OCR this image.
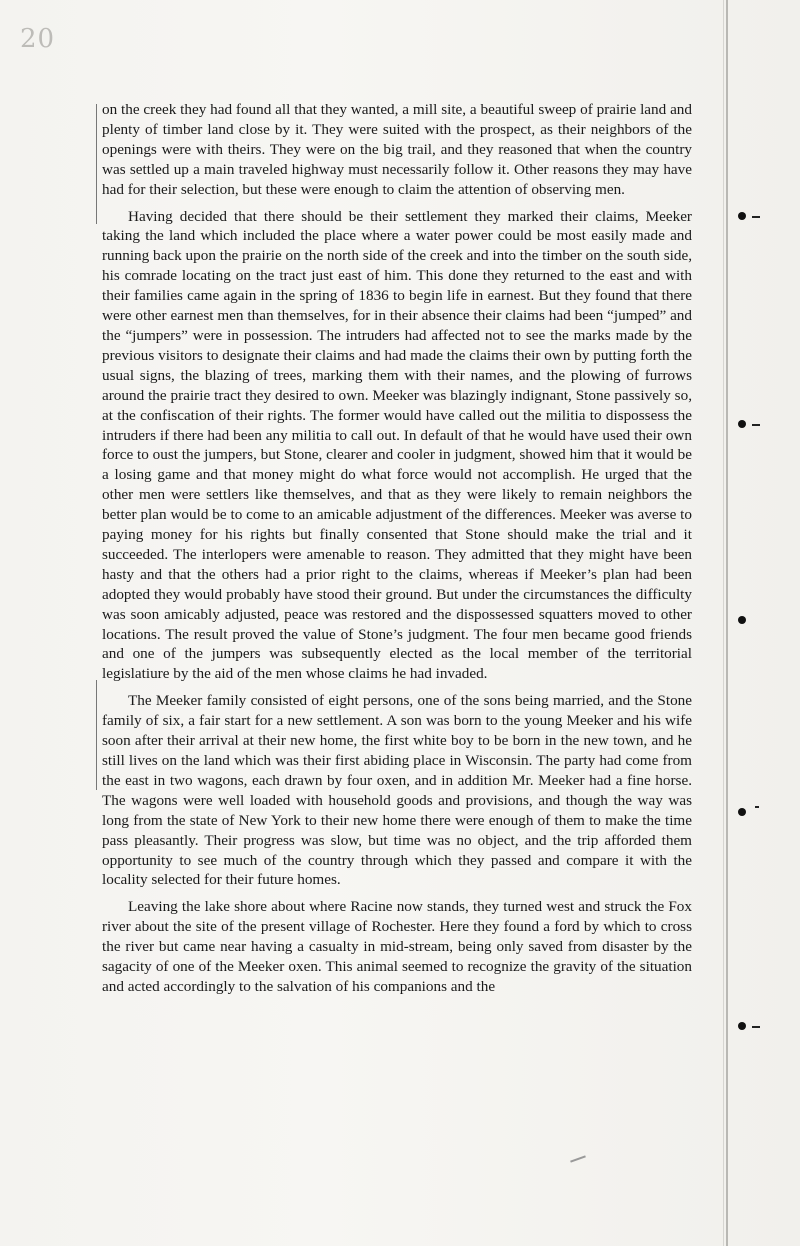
20

on the creek they had found all that they wanted, a mill site, a beautiful sweep of prairie land and plenty of timber land close by it. They were suited with the prospect, as their neighbors of the openings were with theirs. They were on the big trail, and they reasoned that when the country was settled up a main traveled highway must necessarily follow it. Other reasons they may have had for their selection, but these were enough to claim the attention of observing men.

Having decided that there should be their settlement they marked their claims, Meeker taking the land which included the place where a water power could be most easily made and running back upon the prairie on the north side of the creek and into the timber on the south side, his comrade locating on the tract just east of him. This done they returned to the east and with their families came again in the spring of 1836 to begin life in earnest. But they found that there were other earnest men than themselves, for in their absence their claims had been “jumped” and the “jumpers” were in possession. The intruders had affected not to see the marks made by the previous visitors to designate their claims and had made the claims their own by putting forth the usual signs, the blazing of trees, marking them with their names, and the plowing of furrows around the prairie tract they desired to own. Meeker was blazingly indignant, Stone passively so, at the confiscation of their rights. The former would have called out the militia to dispossess the intruders if there had been any militia to call out. In default of that he would have used their own force to oust the jumpers, but Stone, clearer and cooler in judgment, showed him that it would be a losing game and that money might do what force would not accomplish. He urged that the other men were settlers like themselves, and that as they were likely to remain neighbors the better plan would be to come to an amicable adjustment of the differences. Meeker was averse to paying money for his rights but finally consented that Stone should make the trial and it succeeded. The interlopers were amenable to reason. They admitted that they might have been hasty and that the others had a prior right to the claims, whereas if Meeker’s plan had been adopted they would probably have stood their ground. But under the circumstances the difficulty was soon amicably adjusted, peace was restored and the dispossessed squatters moved to other locations. The result proved the value of Stone’s judgment. The four men became good friends and one of the jumpers was subsequently elected as the local member of the territorial legislatiure by the aid of the men whose claims he had invaded.

The Meeker family consisted of eight persons, one of the sons being married, and the Stone family of six, a fair start for a new settlement. A son was born to the young Meeker and his wife soon after their arrival at their new home, the first white boy to be born in the new town, and he still lives on the land which was their first abiding place in Wisconsin. The party had come from the east in two wagons, each drawn by four oxen, and in addition Mr. Meeker had a fine horse. The wagons were well loaded with household goods and provisions, and though the way was long from the state of New York to their new home there were enough of them to make the time pass pleasantly. Their progress was slow, but time was no object, and the trip afforded them opportunity to see much of the country through which they passed and compare it with the locality selected for their future homes.

Leaving the lake shore about where Racine now stands, they turned west and struck the Fox river about the site of the present village of Rochester. Here they found a ford by which to cross the river but came near having a casualty in mid-stream, being only saved from disaster by the sagacity of one of the Meeker oxen. This animal seemed to recognize the gravity of the situation and acted accordingly to the salvation of his companions and the
